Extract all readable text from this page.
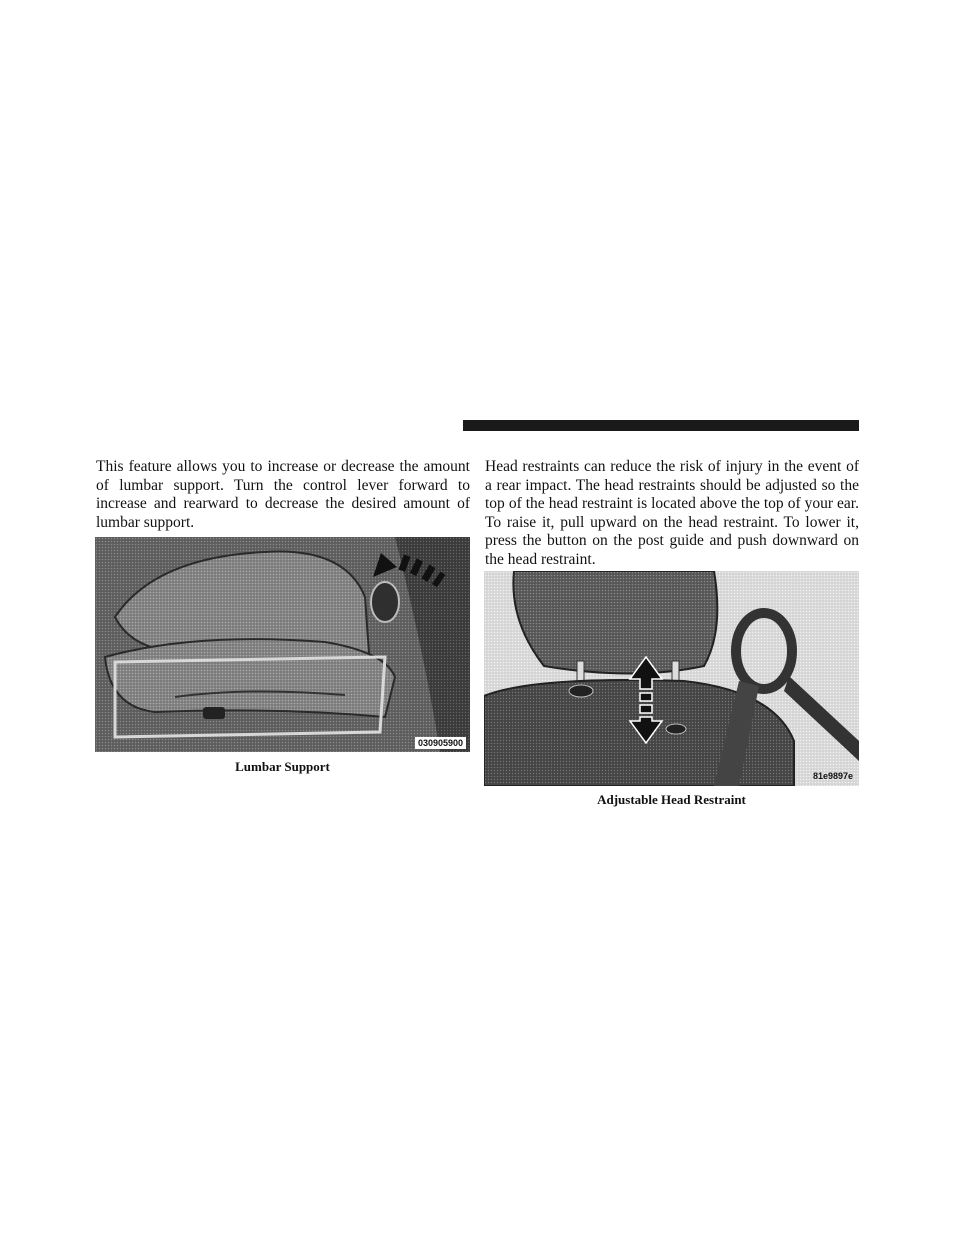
This feature allows you to increase or decrease the amount of lumbar support. Turn the control lever forward to increase and rearward to decrease the desired amount of lumbar support.

030905900
Lumbar Support

Head restraints can reduce the risk of injury in the event of a rear impact. The head restraints should be adjusted so the top of the head restraint is located above the top of your ear. To raise it, pull upward on the head restraint. To lower it, press the button on the post guide and push downward on the head restraint.

81e9897e
Adjustable Head Restraint
